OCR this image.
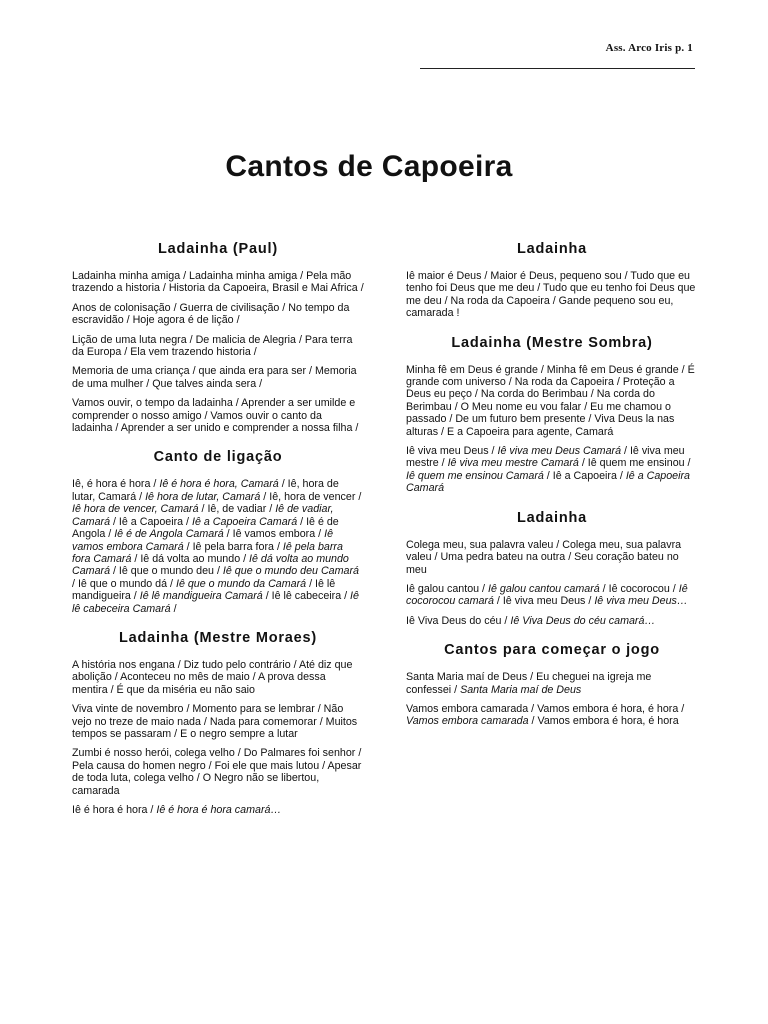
Ass. Arco Iris p. 1
Cantos de Capoeira
Ladainha (Paul)

Ladainha minha amiga / Ladainha minha amiga / Pela mão trazendo a historia / Historia da Capoeira, Brasil e Mai Africa /

Anos de colonisação / Guerra de civilisação / No tempo da escravidão / Hoje agora é de lição /

Lição de uma luta negra / De malicia de Alegria / Para terra da Europa / Ela vem trazendo historia /

Memoria de uma criança / que ainda era para ser / Memoria de uma mulher / Que talves ainda sera /

Vamos ouvir, o tempo da ladainha / Aprender a ser umilde e comprender o nosso amigo / Vamos ouvir o canto da ladainha / Aprender a ser unido e comprender a nossa filha /

Canto de ligação

Iê, é hora é hora / Iê é hora é hora, Camará / Iê, hora de lutar, Camará / Iê hora de lutar, Camará / Iê, hora de vencer / Iê hora de vencer, Camará / Iê, de vadiar / Iê de vadiar, Camará / Iê a Capoeira / Iê a Capoeira Camará / Iê é de Angola / Iê é de Angola Camará / Iê vamos embora / Iê vamos embora Camará / Iê pela barra fora / Iê pela barra fora Camará / Iê dá volta ao mundo / Iê dá volta ao mundo Camará / Iê que o mundo deu / Iê que o mundo deu Camará / Iê que o mundo dá / Iê que o mundo da Camará / Iê lê mandigueira / Iê lê mandigueira Camará / Iê lê cabeceira / Iê lê cabeceira Camará /

Ladainha (Mestre Moraes)

A história nos engana / Diz tudo pelo contrário / Até diz que abolição / Aconteceu no mês de maio / A prova dessa mentira / É que da miséria eu não saio

Viva vinte de novembro / Momento para se lembrar / Não vejo no treze de maio nada / Nada para comemorar / Muitos tempos se passaram / E o negro sempre a lutar

Zumbi é nosso herói, colega velho / Do Palmares foi senhor / Pela causa do homen negro / Foi ele que mais lutou / Apesar de toda luta, colega velho / O Negro não se libertou, camarada

Iê é hora é hora / Iê é hora é hora camará…

Ladainha

Iê maior é Deus / Maior é Deus, pequeno sou / Tudo que eu tenho foi Deus que me deu / Tudo que eu tenho foi Deus que me deu / Na roda da Capoeira / Gande pequeno sou eu, camarada !

Ladainha (Mestre Sombra)

Minha fê em Deus é grande / Minha fê em Deus é grande / É grande com universo / Na roda da Capoeira / Proteção a Deus eu peço / Na corda do Berimbau / Na corda do Berimbau / O Meu nome eu vou falar / Eu me chamou o passado / De um futuro bem presente / Viva Deus la nas alturas / E a Capoeira para agente, Camará

Iê viva meu Deus / Iê viva meu Deus Camará / Iê viva meu mestre / Iê viva meu mestre Camará / Iê quem me ensinou / Iê quem me ensinou Camará / Iê a Capoeira / Iê a Capoeira Camará

Ladainha

Colega meu, sua palavra valeu / Colega meu, sua palavra valeu / Uma pedra bateu na outra / Seu coração bateu no meu

Iê galou cantou / Iê galou cantou camará / Iê cocorocou / Iê cocorocou camará / Iê viva meu Deus / Iê viva meu Deus…

Iê Viva Deus do céu / Iê Viva Deus do céu camará…

Cantos para começar o jogo

Santa Maria maí de Deus / Eu cheguei na igreja me confessei / Santa Maria maí de Deus

Vamos embora camarada / Vamos embora é hora, é hora / Vamos embora camarada / Vamos embora é hora, é hora
